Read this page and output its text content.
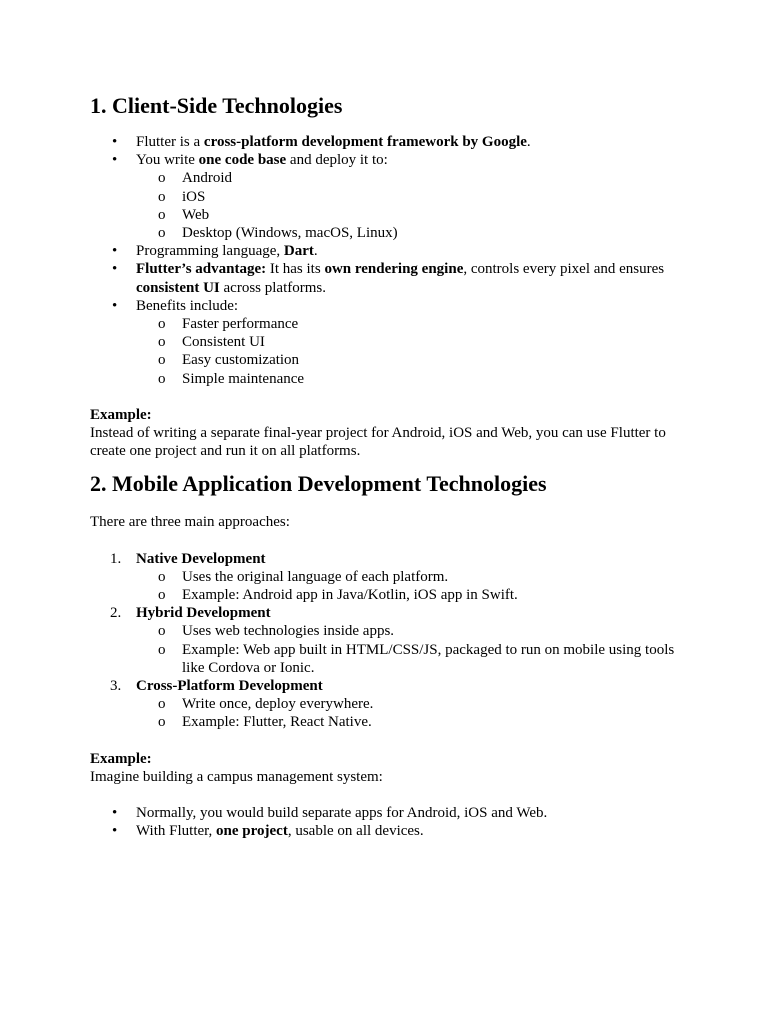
1. Client-Side Technologies
•	Flutter is a cross-platform development framework by Google.
•	You write one code base and deploy it to:
o Android
o iOS
o Web
o Desktop (Windows, macOS, Linux)
•	Programming language, Dart.
•	Flutter’s advantage: It has its own rendering engine, controls every pixel and ensures consistent UI across platforms.
•	Benefits include:
o Faster performance
o Consistent UI
o Easy customization
o Simple maintenance

Example:

Instead of writing a separate final-year project for Android, iOS and Web, you can use Flutter to create one project and run it on all platforms.

2. Mobile Application Development Technologies

There are three main approaches:

1. Native Development
o Uses the original language of each platform.
o Example: Android app in Java/Kotlin, iOS app in Swift.
2. Hybrid Development
o Uses web technologies inside apps.
o Example: Web app built in HTML/CSS/JS, packaged to run on mobile using tools like Cordova or Ionic.
3. Cross-Platform Development
o Write once, deploy everywhere.
o Example: Flutter, React Native.

Example:

Imagine building a campus management system:

•	Normally, you would build separate apps for Android, iOS and Web.
•	With Flutter, one project, usable on all devices.
